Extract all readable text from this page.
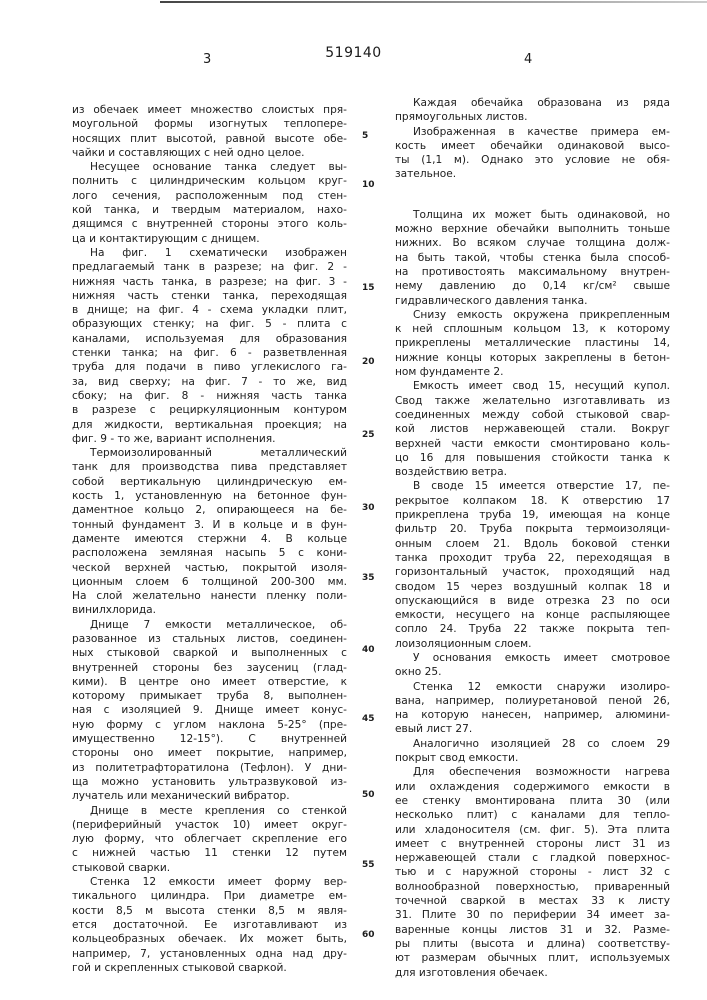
519140
3	4
из обечаек имеет множество слоистых пря-
моугольной формы изогнутых теплопере-
носящих плит высотой, равной высоте обе-
чайки и составляющих с ней одно целое.
Несущее основание танка следует вы-
полнить с цилиндрическим кольцом круг-
лого сечения, расположенным под стен-
кой танка, и твердым материалом, нахо-
дящимся с внутренней стороны этого коль-
ца и контактирующим с днищем.
На фиг. 1 схематически изображен
предлагаемый танк в разрезе; на фиг. 2 -
нижняя часть танка, в разрезе; на фиг. 3 -
нижняя часть стенки танка, переходящая
в днище; на фиг. 4 - схема укладки плит,
образующих стенку; на фиг. 5 - плита с
каналами, используемая для образования
стенки танка; на фиг. 6 - разветвленная
труба для подачи в пиво углекислого га-
за, вид сверху; на фиг. 7 - то же, вид
сбоку; на фиг. 8 - нижняя часть танка
в разрезе с рециркуляционным контуром
для жидкости, вертикальная проекция; на
фиг. 9 - то же, вариант исполнения.
Термоизолированный металлический
танк для производства пива представляет
собой вертикальную цилиндрическую ем-
кость 1, установленную на бетонное фун-
даментное кольцо 2, опирающееся на бе-
тонный фундамент 3. И в кольце и в фун-
даменте имеются стержни 4. В кольце
расположена земляная насыпь 5 с кони-
ческой верхней частью, покрытой изоля-
ционным слоем 6 толщиной 200-300 мм.
На слой желательно нанести пленку поли-
винилхлорида.
Днище 7 емкости металлическое, об-
разованное из стальных листов, соединен-
ных стыковой сваркой и выполненных с
внутренней стороны без заусениц (глад-
кими). В центре оно имеет отверстие, к
которому примыкает труба 8, выполнен-
ная с изоляцией 9. Днище имеет конус-
ную форму с углом наклона 5-25° (пре-
имущественно 12-15°). С внутренней
стороны оно имеет покрытие, например,
из политетрафторатилона (Тефлон). У дни-
ща можно установить ультразвуковой из-
лучатель или механический вибратор.
Днище в месте крепления со стенкой
(периферийный участок 10) имеет округ-
лую форму, что облегчает скрепление его
с нижней частью 11 стенки 12 путем
стыковой сварки.
Стенка 12 емкости имеет форму вер-
тикального цилиндра. При диаметре ем-
кости 8,5 м высота стенки 8,5 м явля-
ется достаточной. Ее изготавливают из
кольцеобразных обечаек. Их может быть,
например, 7, установленных одна над дру-
гой и скрепленных стыковой сваркой.
Каждая обечайка образована из ряда
прямоугольных листов.
Изображенная в качестве примера ем-
кость имеет обечайки одинаковой высо-
ты (1,1 м). Однако это условие не обя-
зательное.
Толщина их может быть одинаковой, но
можно верхние обечайки выполнить тоньше
нижних. Во всяком случае толщина долж-
на быть такой, чтобы стенка была способ-
на противостоять максимальному внутрен-
нему давлению до 0,14 кг/см² свыше
гидравлического давления танка.
Снизу емкость окружена прикрепленным
к ней сплошным кольцом 13, к которому
прикреплены металлические пластины 14,
нижние концы которых закреплены в бетон-
ном фундаменте 2.
Емкость имеет свод 15, несущий купол.
Свод также желательно изготавливать из
соединенных между собой стыковой свар-
кой листов нержавеющей стали. Вокруг
верхней части емкости смонтировано коль-
цо 16 для повышения стойкости танка к
воздействию ветра.
В своде 15 имеется отверстие 17, пе-
рекрытое колпаком 18. К отверстию 17
прикреплена труба 19, имеющая на конце
фильтр 20. Труба покрыта термоизоляци-
онным слоем 21. Вдоль боковой стенки
танка проходит труба 22, переходящая в
горизонтальный участок, проходящий над
сводом 15 через воздушный колпак 18 и
опускающийся в виде отрезка 23 по оси
емкости, несущего на конце распыляющее
сопло 24. Труба 22 также покрыта теп-
лоизоляционным слоем.
У основания емкость имеет смотровое
окно 25.
Стенка 12 емкости снаружи изолиро-
вана, например, полиуретановой пеной 26,
на которую нанесен, например, алюмини-
евый лист 27.
Аналогично изоляцией 28 со слоем 29
покрыт свод емкости.
Для обеспечения возможности нагрева
или охлаждения содержимого емкости в
ее стенку вмонтирована плита 30 (или
несколько плит) с каналами для тепло-
или хладоносителя (см. фиг. 5). Эта плита
имеет с внутренней стороны лист 31 из
нержавеющей стали с гладкой поверхнос-
тью и с наружной стороны - лист 32 с
волнообразной поверхностью, приваренный
точечной сваркой в местах 33 к листу
31. Плите 30 по периферии 34 имеет за-
варенные концы листов 31 и 32. Разме-
ры плиты (высота и длина) соответству-
ют размерам обычных плит, используемых
для изготовления обечаек.
5
10
15
20
25
30
35
40
45
50
55
60
